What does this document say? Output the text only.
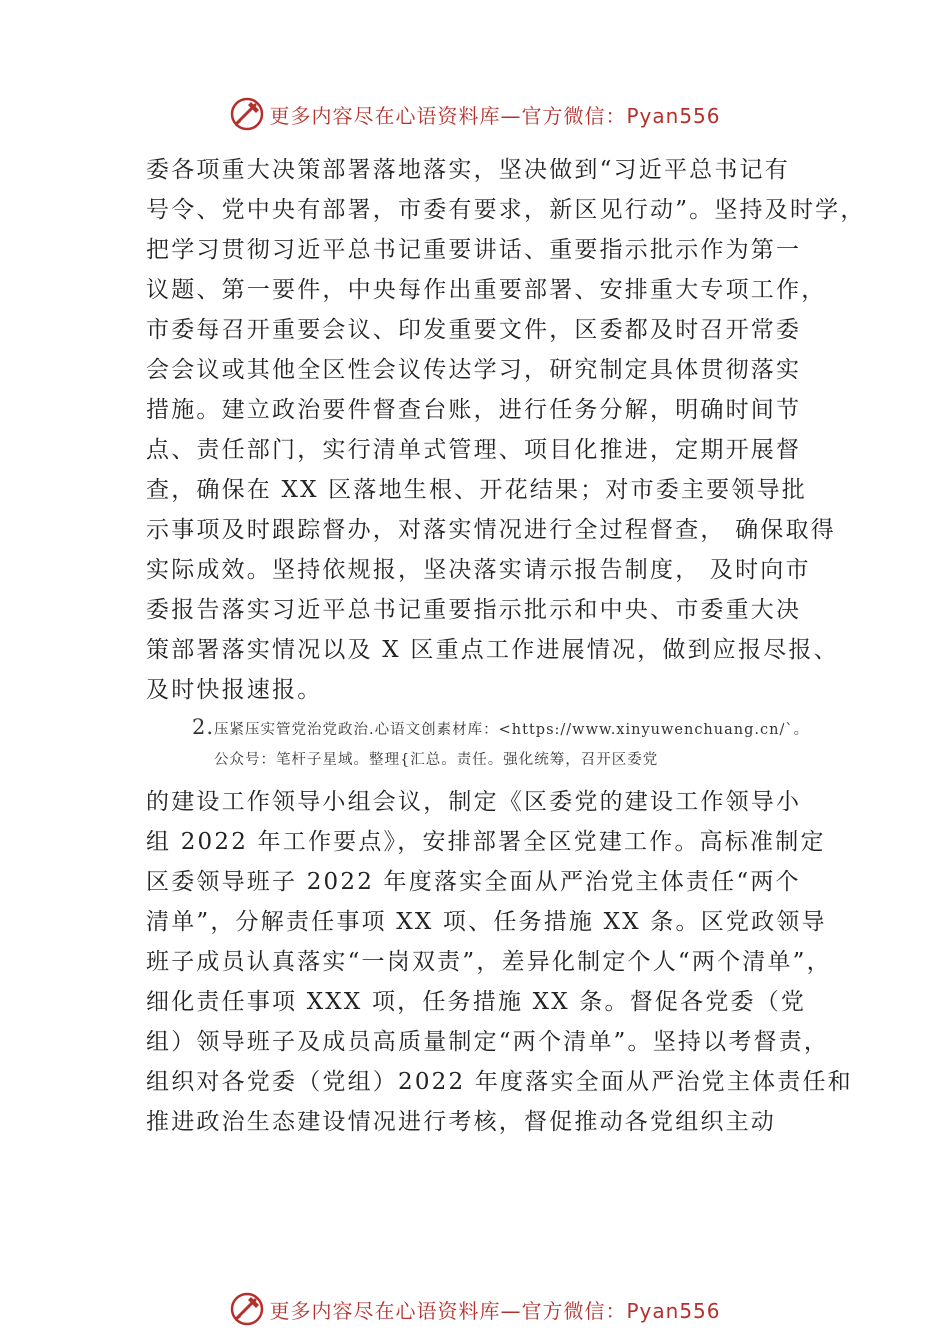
更多内容尽在心语资料库—官方微信：Pyan556

委各项重大决策部署落地落实，坚决做到“习近平总书记有
号令、党中央有部署，市委有要求，新区见行动”。坚持及时学，
把学习贯彻习近平总书记重要讲话、重要指示批示作为第一
议题、第一要件，中央每作出重要部署、安排重大专项工作，
市委每召开重要会议、印发重要文件，区委都及时召开常委
会会议或其他全区性会议传达学习，研究制定具体贯彻落实
措施。建立政治要件督查台账，进行任务分解，明确时间节
点、责任部门，实行清单式管理、项目化推进，定期开展督
查，确保在 XX 区落地生根、开花结果；对市委主要领导批
示事项及时跟踪督办，对落实情况进行全过程督查， 确保取得
实际成效。坚持依规报，坚决落实请示报告制度， 及时向市
委报告落实习近平总书记重要指示批示和中央、市委重大决
策部署落实情况以及 X 区重点工作进展情况，做到应报尽报、
及时快报速报。

2.压紧压实管党治党政治.心语文创素材库：<https://www.xinyuwenchuang.cn/`。
公众号：笔杆子星域。整理{汇总。责任。强化统筹，召开区委党

的建设工作领导小组会议，制定《区委党的建设工作领导小
组 2022 年工作要点》，安排部署全区党建工作。高标准制定
区委领导班子 2022 年度落实全面从严治党主体责任“两个
清单”，分解责任事项 XX 项、任务措施 XX 条。区党政领导
班子成员认真落实“一岗双责”，差异化制定个人“两个清单”，
细化责任事项 XXX 项，任务措施 XX 条。督促各党委（党
组）领导班子及成员高质量制定“两个清单”。坚持以考督责，
组织对各党委（党组）2022 年度落实全面从严治党主体责任和
推进政治生态建设情况进行考核，督促推动各党组织主动

更多内容尽在心语资料库—官方微信：Pyan556
